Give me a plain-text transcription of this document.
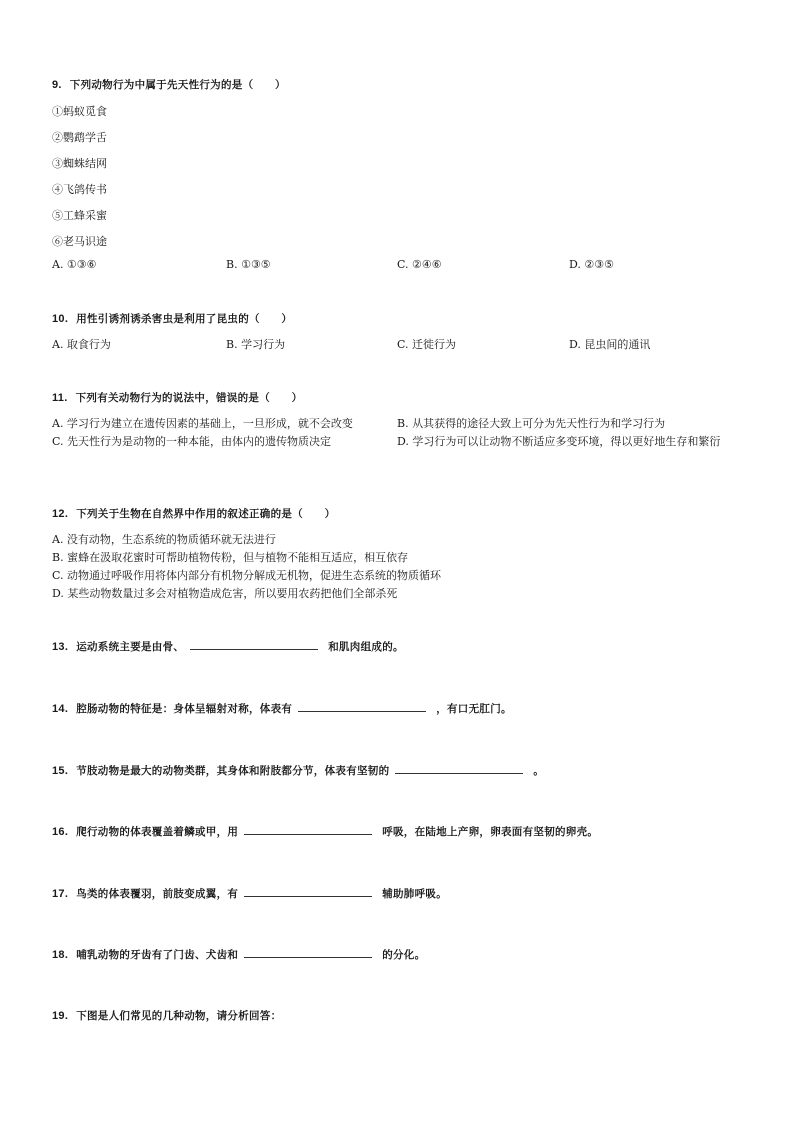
9. 下列动物行为中属于先天性行为的是（　　）
①蚂蚁觅食
②鹦鹉学舌
③蜘蛛结网
④飞鸽传书
⑤工蜂采蜜
⑥老马识途
A. ①③⑥	B. ①③⑤	C. ②④⑥	D. ②③⑤
10. 用性引诱剂诱杀害虫是利用了昆虫的（　　）
A. 取食行为	B. 学习行为	C. 迁徙行为	D. 昆虫间的通讯
11. 下列有关动物行为的说法中，错误的是（　　）
A. 学习行为建立在遗传因素的基础上，一旦形成，就不会改变	B. 从其获得的途径大致上可分为先天性行为和学习行为
C. 先天性行为是动物的一种本能，由体内的遗传物质决定	D. 学习行为可以让动物不断适应多变环境，得以更好地生存和繁衍
12. 下列关于生物在自然界中作用的叙述正确的是（　　）
A. 没有动物，生态系统的物质循环就无法进行
B. 蜜蜂在汲取花蜜时可帮助植物传粉，但与植物不能相互适应，相互依存
C. 动物通过呼吸作用将体内部分有机物分解成无机物，促进生态系统的物质循环
D. 某些动物数量过多会对植物造成危害，所以要用农药把他们全部杀死
13. 运动系统主要是由骨、	和肌肉组成的。
14. 腔肠动物的特征是：身体呈辐射对称，体表有	，有口无肛门。
15. 节肢动物是最大的动物类群，其身体和附肢都分节，体表有坚韧的	。
16. 爬行动物的体表覆盖着鳞或甲，用	呼吸，在陆地上产卵，卵表面有坚韧的卵壳。
17. 鸟类的体表覆羽，前肢变成翼，有	辅助肺呼吸。
18. 哺乳动物的牙齿有了门齿、犬齿和	的分化。
19. 下图是人们常见的几种动物，请分析回答：
